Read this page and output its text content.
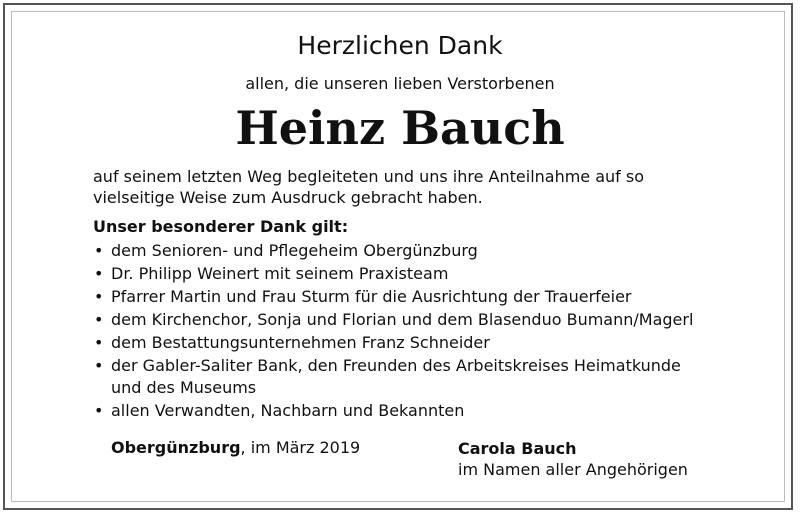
Herzlichen Dank
allen, die unseren lieben Verstorbenen
Heinz Bauch

auf seinem letzten Weg begleiteten und uns ihre Anteilnahme auf so

vielseitige Weise zum Ausdruck gebracht haben.

Unser besonderer Dank gilt:

• dem Senioren- und Pflegeheim Obergünzburg
• Dr. Philipp Weinert mit seinem Praxisteam
• Pfarrer Martin und Frau Sturm für die Ausrichtung der Trauerfeier
• dem Kirchenchor, Sonja und Florian und dem Blasenduo Bumann/Magerl
• dem Bestattungsunternehmen Franz Schneider
• der Gabler-Saliter Bank, den Freunden des Arbeitskreises Heimatkunde
und des Museums
• allen Verwandten, Nachbarn und Bekannten
Obergünzburg, im März 2019	Carola Bauch
im Namen aller Angehörigen
